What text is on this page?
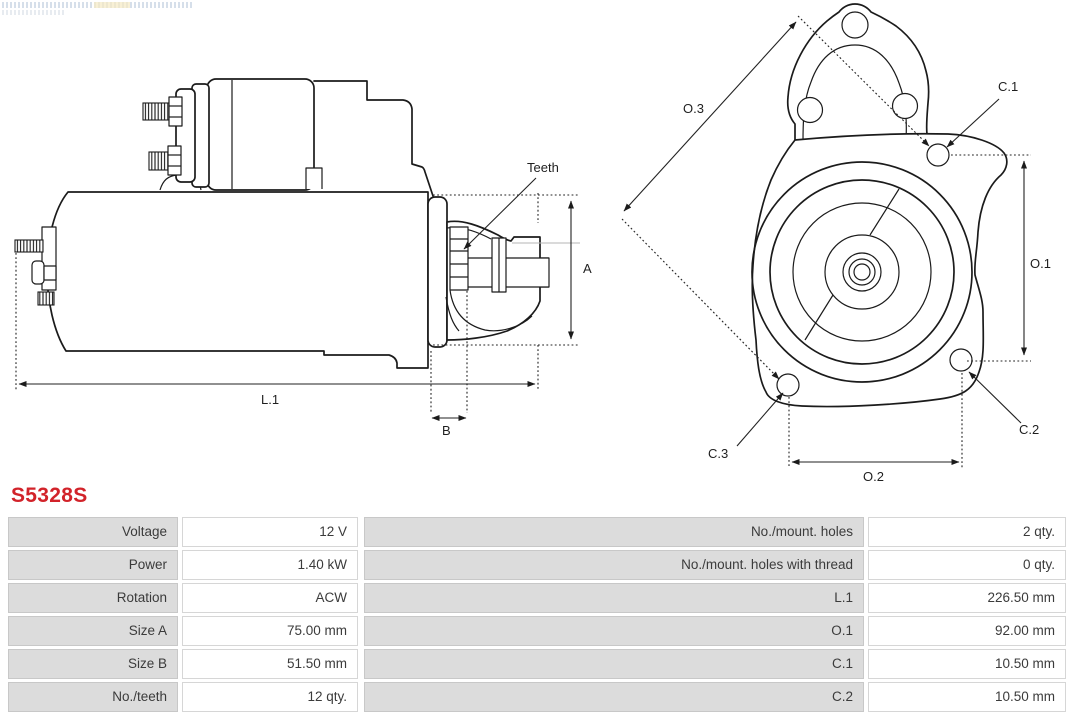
Teeth
A
L.1
B
O.3
C.1
O.1
C.2
C.3
O.2
S5328S
Voltage	12 V	No./mount. holes	2 qty.
Power	1.40 kW	No./mount. holes with thread	0 qty.
Rotation	ACW	L.1	226.50 mm
Size A	75.00 mm	O.1	92.00 mm
Size B	51.50 mm	C.1	10.50 mm
No./teeth	12 qty.	C.2	10.50 mm
